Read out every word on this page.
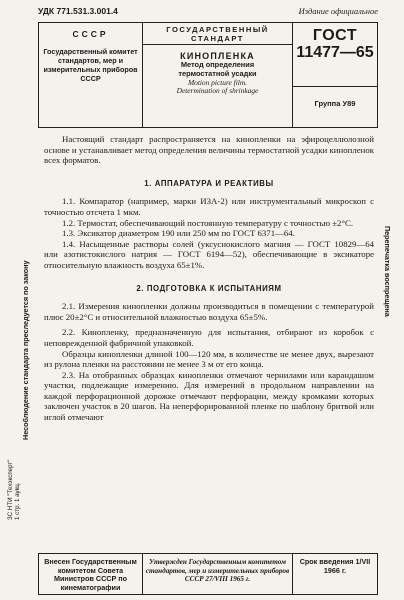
УДК 771.531.3.001.4	Издание официальное
СССР
Государственный комитет стандартов, мер и измерительных приборов СССР
ГОСУДАРСТВЕННЫЙ
СТАНДАРТ
КИНОПЛЕНКА
Метод определения
термостатной усадки
Motion picture film.
Determination of shrinkage
ГОСТ
11477—65
Группа У89

Настоящий стандарт распространяется на кинопленки на эфироцеллюлозной основе и устанавливает метод определения величины термостатной усадки кинопленок всех форматов.

1. АППАРАТУРА И РЕАКТИВЫ

1.1. Компаратор (например, марки ИЗА-2) или инструментальный микроскоп с точностью отсчета 1 мкм.

1.2. Термостат, обеспечивающий постоянную температуру с точностью ±2°С.

1.3. Эксикатор диаметром 190 или 250 мм по ГОСТ 6371—64.

1.4. Насыщенные растворы солей (уксуснокислого магния — ГОСТ 10829—64 или азотистокислого натрия — ГОСТ 6194—52), обеспечивающие в эксикаторе относительную влажность воздуха 65±1%.

2. ПОДГОТОВКА К ИСПЫТАНИЯМ

2.1. Измерения кинопленки должны производиться в помещении с температурой плюс 20±2°С и относительной влажностью воздуха 65±5%.

2.2. Кинопленку, предназначенную для испытания, отбирают из коробок с неповрежденной фабричной упаковкой.

Образцы кинопленки длиной 100—120 мм, в количестве не менее двух, вырезают из рулона пленки на расстоянии не менее 3 м от его конца.

2.3. На отобранных образцах кинопленки отмечают чернилами или карандашом участки, подлежащие измерению. Для измерений в продольном направлении на каждой перфорационной дорожке отмечают перфорации, между кромками которых заключен участок в 20 шагов. На неперфорированной пленке по шаблону бритвой или иглой отмечают

Несоблюдение стандарта преследуется по закону	Перепечатка воспрещена
ЗС НТИ "Техэксперт" 1 стр. 1 аукц.
Внесен Государственным комитетом Совета Министров СССР по кинематографии
Утвержден Государственным комитетом стандартов, мер и измерительных приборов СССР 27/VIII 1965 г.
Срок введения 1/VII 1966 г.
